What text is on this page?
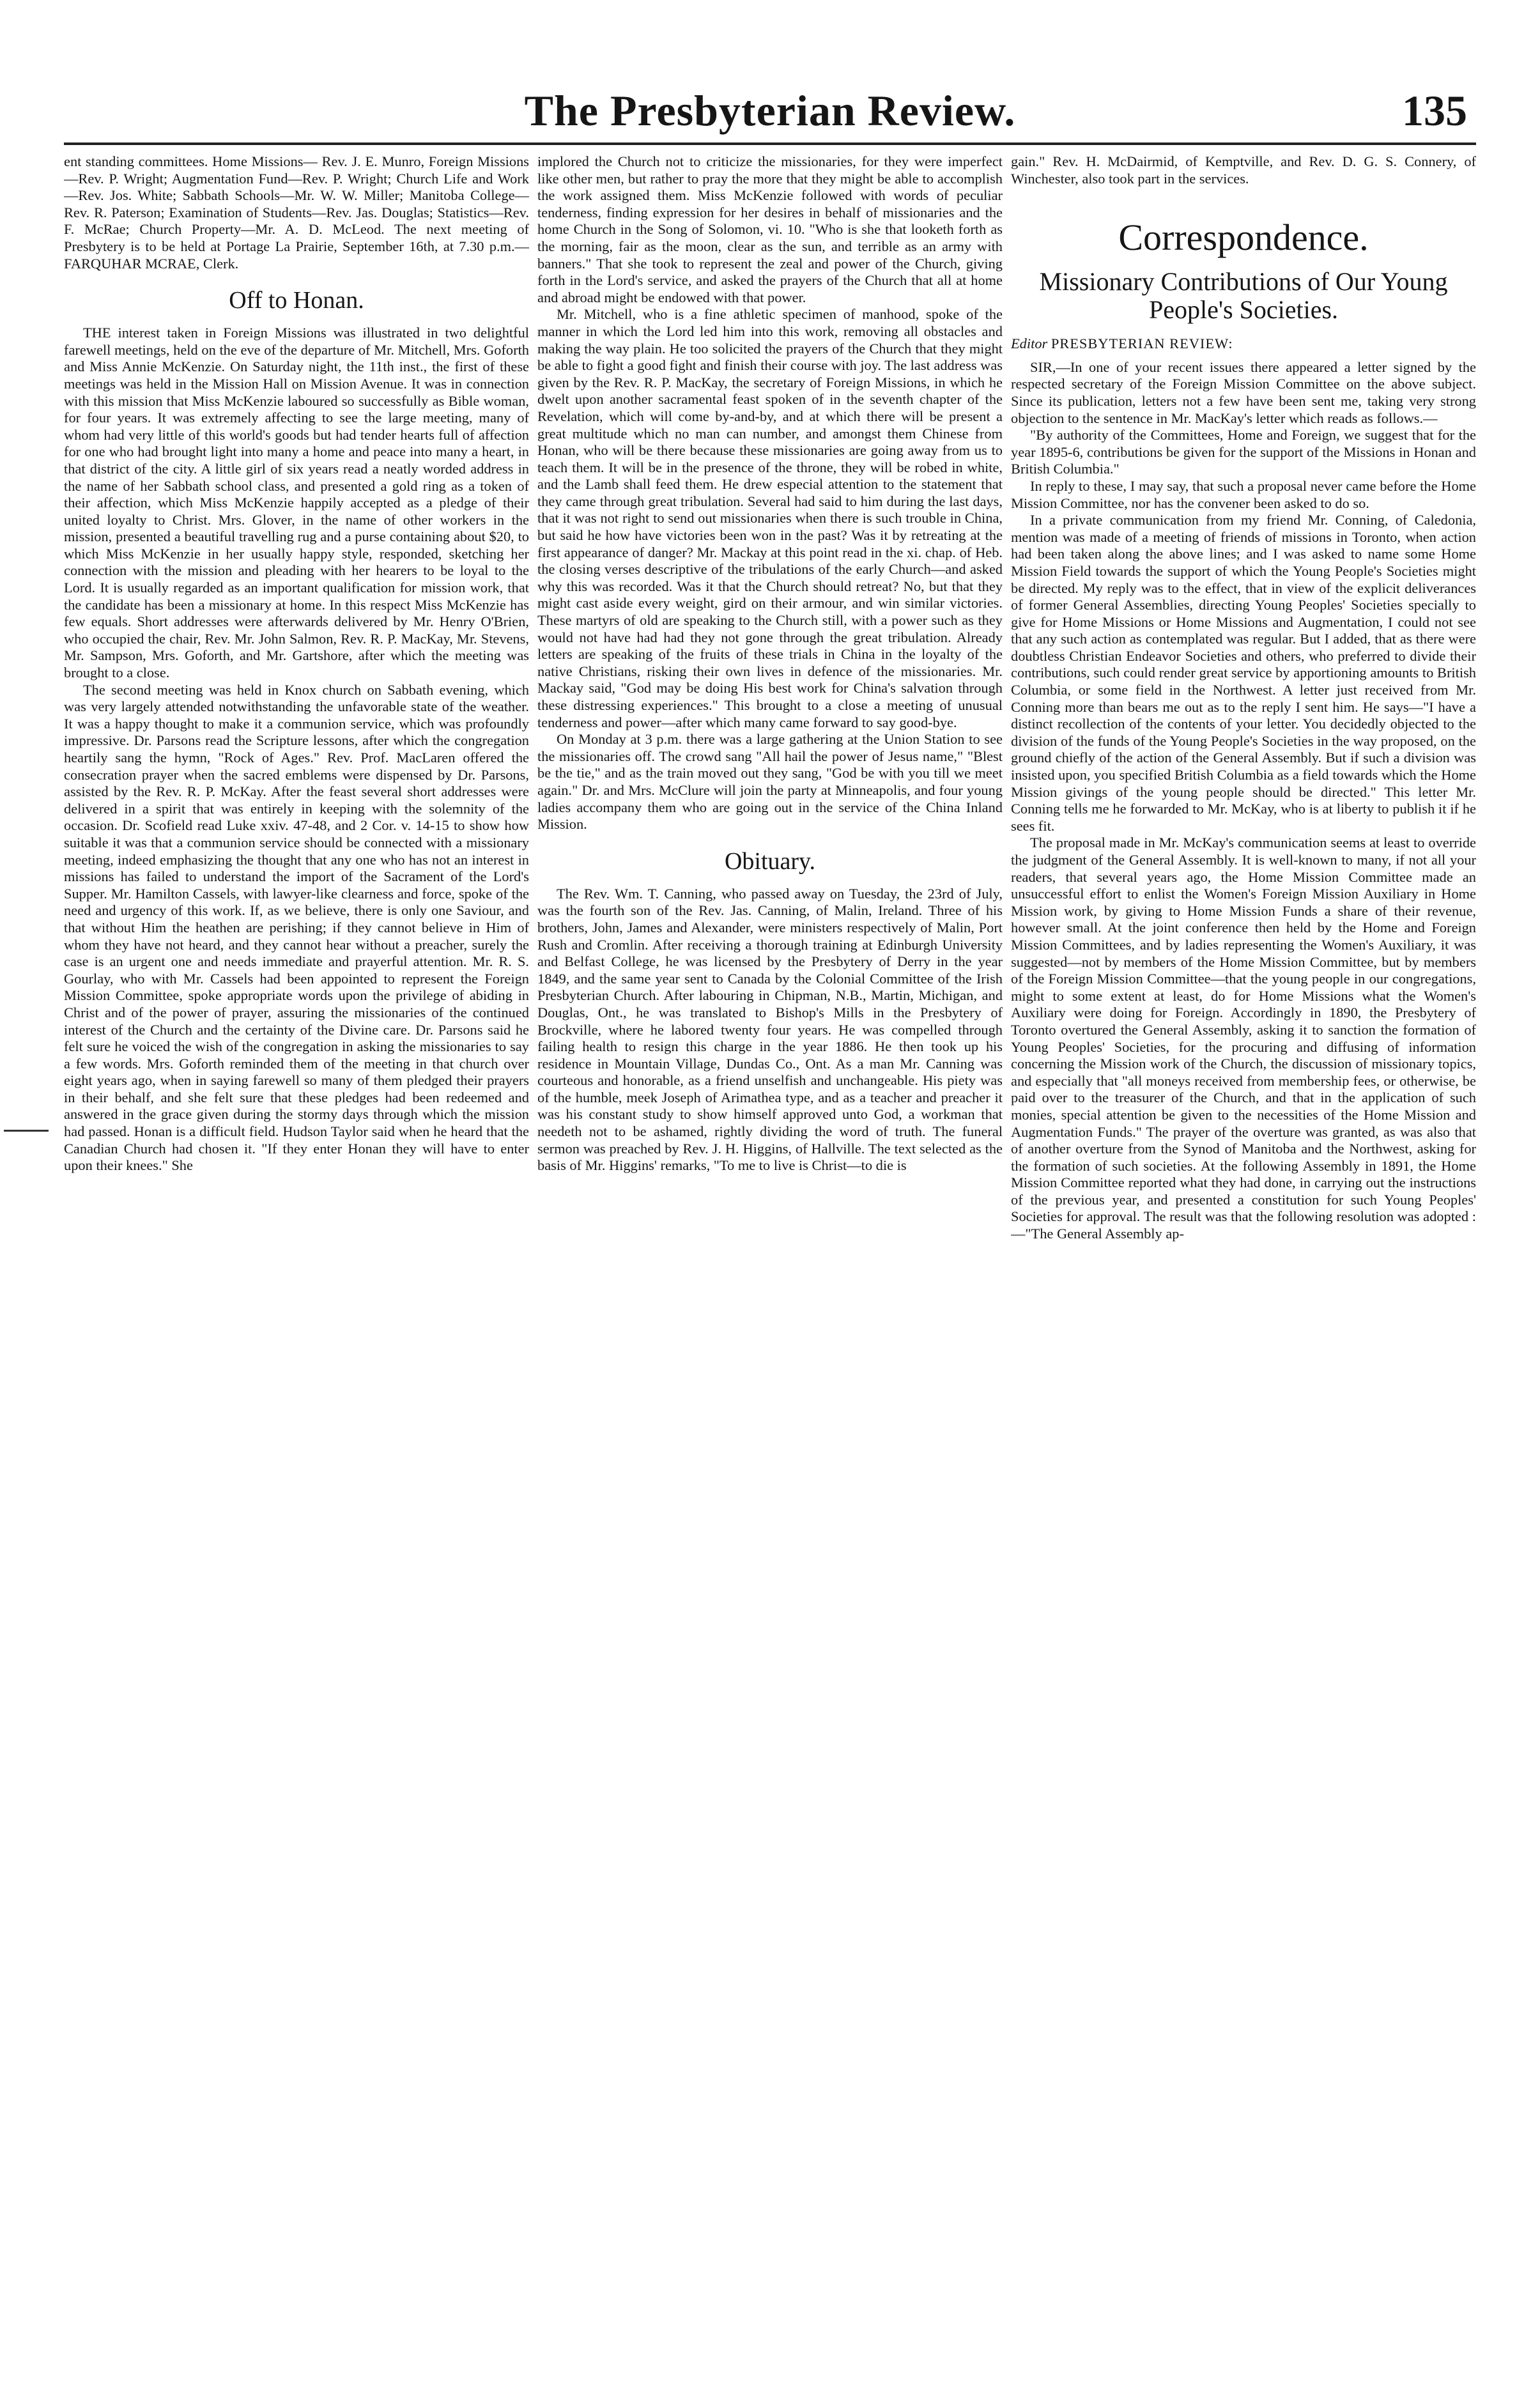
The Presbyterian Review.	135

ent standing committees. Home Missions— Rev. J. E. Munro, Foreign Missions—Rev. P. Wright; Augmentation Fund—Rev. P. Wright; Church Life and Work—Rev. Jos. White; Sabbath Schools—Mr. W. W. Miller; Manitoba College—Rev. R. Paterson; Examination of Students—Rev. Jas. Douglas; Statistics—Rev. F. McRae; Church Property—Mr. A. D. McLeod. The next meeting of Presbytery is to be held at Portage La Prairie, September 16th, at 7.30 p.m.— FARQUHAR MCRAE, Clerk.

Off to Honan.

THE interest taken in Foreign Missions was illustrated in two delightful farewell meetings, held on the eve of the departure of Mr. Mitchell, Mrs. Goforth and Miss Annie McKenzie. On Saturday night, the 11th inst., the first of these meetings was held in the Mission Hall on Mission Avenue. It was in connection with this mission that Miss McKenzie laboured so successfully as Bible woman, for four years. It was extremely affecting to see the large meeting, many of whom had very little of this world's goods but had tender hearts full of affection for one who had brought light into many a home and peace into many a heart, in that district of the city. A little girl of six years read a neatly worded address in the name of her Sabbath school class, and presented a gold ring as a token of their affection, which Miss McKenzie happily accepted as a pledge of their united loyalty to Christ. Mrs. Glover, in the name of other workers in the mission, presented a beautiful travelling rug and a purse containing about $20, to which Miss McKenzie in her usually happy style, responded, sketching her connection with the mission and pleading with her hearers to be loyal to the Lord. It is usually regarded as an important qualification for mission work, that the candidate has been a missionary at home. In this respect Miss McKenzie has few equals. Short addresses were afterwards delivered by Mr. Henry O'Brien, who occupied the chair, Rev. Mr. John Salmon, Rev. R. P. MacKay, Mr. Stevens, Mr. Sampson, Mrs. Goforth, and Mr. Gartshore, after which the meeting was brought to a close.

The second meeting was held in Knox church on Sabbath evening, which was very largely attended notwithstanding the unfavorable state of the weather. It was a happy thought to make it a communion service, which was profoundly impressive. Dr. Parsons read the Scripture lessons, after which the congregation heartily sang the hymn, "Rock of Ages." Rev. Prof. MacLaren offered the consecration prayer when the sacred emblems were dispensed by Dr. Parsons, assisted by the Rev. R. P. McKay. After the feast several short addresses were delivered in a spirit that was entirely in keeping with the solemnity of the occasion. Dr. Scofield read Luke xxiv. 47-48, and 2 Cor. v. 14-15 to show how suitable it was that a communion service should be connected with a missionary meeting, indeed emphasizing the thought that any one who has not an interest in missions has failed to understand the import of the Sacrament of the Lord's Supper. Mr. Hamilton Cassels, with lawyer-like clearness and force, spoke of the need and urgency of this work. If, as we believe, there is only one Saviour, and that without Him the heathen are perishing; if they cannot believe in Him of whom they have not heard, and they cannot hear without a preacher, surely the case is an urgent one and needs immediate and prayerful attention. Mr. R. S. Gourlay, who with Mr. Cassels had been appointed to represent the Foreign Mission Committee, spoke appropriate words upon the privilege of abiding in Christ and of the power of prayer, assuring the missionaries of the continued interest of the Church and the certainty of the Divine care. Dr. Parsons said he felt sure he voiced the wish of the congregation in asking the missionaries to say a few words. Mrs. Goforth reminded them of the meeting in that church over eight years ago, when in saying farewell so many of them pledged their prayers in their behalf, and she felt sure that these pledges had been redeemed and answered in the grace given during the stormy days through which the mission had passed. Honan is a difficult field. Hudson Taylor said when he heard that the Canadian Church had chosen it. "If they enter Honan they will have to enter upon their knees." She

implored the Church not to criticize the missionaries, for they were imperfect like other men, but rather to pray the more that they might be able to accomplish the work assigned them. Miss McKenzie followed with words of peculiar tenderness, finding expression for her desires in behalf of missionaries and the home Church in the Song of Solomon, vi. 10. "Who is she that looketh forth as the morning, fair as the moon, clear as the sun, and terrible as an army with banners." That she took to represent the zeal and power of the Church, giving forth in the Lord's service, and asked the prayers of the Church that all at home and abroad might be endowed with that power.

Mr. Mitchell, who is a fine athletic specimen of manhood, spoke of the manner in which the Lord led him into this work, removing all obstacles and making the way plain. He too solicited the prayers of the Church that they might be able to fight a good fight and finish their course with joy. The last address was given by the Rev. R. P. MacKay, the secretary of Foreign Missions, in which he dwelt upon another sacramental feast spoken of in the seventh chapter of the Revelation, which will come by-and-by, and at which there will be present a great multitude which no man can number, and amongst them Chinese from Honan, who will be there because these missionaries are going away from us to teach them. It will be in the presence of the throne, they will be robed in white, and the Lamb shall feed them. He drew especial attention to the statement that they came through great tribulation. Several had said to him during the last days, that it was not right to send out missionaries when there is such trouble in China, but said he how have victories been won in the past? Was it by retreating at the first appearance of danger? Mr. Mackay at this point read in the xi. chap. of Heb. the closing verses descriptive of the tribulations of the early Church—and asked why this was recorded. Was it that the Church should retreat? No, but that they might cast aside every weight, gird on their armour, and win similar victories. These martyrs of old are speaking to the Church still, with a power such as they would not have had had they not gone through the great tribulation. Already letters are speaking of the fruits of these trials in China in the loyalty of the native Christians, risking their own lives in defence of the missionaries. Mr. Mackay said, "God may be doing His best work for China's salvation through these distressing experiences." This brought to a close a meeting of unusual tenderness and power—after which many came forward to say good-bye.

On Monday at 3 p.m. there was a large gathering at the Union Station to see the missionaries off. The crowd sang "All hail the power of Jesus name," "Blest be the tie," and as the train moved out they sang, "God be with you till we meet again." Dr. and Mrs. McClure will join the party at Minneapolis, and four young ladies accompany them who are going out in the service of the China Inland Mission.

Obituary.

The Rev. Wm. T. Canning, who passed away on Tuesday, the 23rd of July, was the fourth son of the Rev. Jas. Canning, of Malin, Ireland. Three of his brothers, John, James and Alexander, were ministers respectively of Malin, Port Rush and Cromlin. After receiving a thorough training at Edinburgh University and Belfast College, he was licensed by the Presbytery of Derry in the year 1849, and the same year sent to Canada by the Colonial Committee of the Irish Presbyterian Church. After labouring in Chipman, N.B., Martin, Michigan, and Douglas, Ont., he was translated to Bishop's Mills in the Presbytery of Brockville, where he labored twenty four years. He was compelled through failing health to resign this charge in the year 1886. He then took up his residence in Mountain Village, Dundas Co., Ont. As a man Mr. Canning was courteous and honorable, as a friend unselfish and unchangeable. His piety was of the humble, meek Joseph of Arimathea type, and as a teacher and preacher it was his constant study to show himself approved unto God, a workman that needeth not to be ashamed, rightly dividing the word of truth. The funeral sermon was preached by Rev. J. H. Higgins, of Hallville. The text selected as the basis of Mr. Higgins' remarks, "To me to live is Christ—to die is

gain." Rev. H. McDairmid, of Kemptville, and Rev. D. G. S. Connery, of Winchester, also took part in the services.

Correspondence.
Missionary Contributions of Our Young People's Societies.

Editor PRESBYTERIAN REVIEW:

SIR,—In one of your recent issues there appeared a letter signed by the respected secretary of the Foreign Mission Committee on the above subject. Since its publication, letters not a few have been sent me, taking very strong objection to the sentence in Mr. MacKay's letter which reads as follows.—

"By authority of the Committees, Home and Foreign, we suggest that for the year 1895-6, contributions be given for the support of the Missions in Honan and British Columbia."

In reply to these, I may say, that such a proposal never came before the Home Mission Committee, nor has the convener been asked to do so.

In a private communication from my friend Mr. Conning, of Caledonia, mention was made of a meeting of friends of missions in Toronto, when action had been taken along the above lines; and I was asked to name some Home Mission Field towards the support of which the Young People's Societies might be directed. My reply was to the effect, that in view of the explicit deliverances of former General Assemblies, directing Young Peoples' Societies specially to give for Home Missions or Home Missions and Augmentation, I could not see that any such action as contemplated was regular. But I added, that as there were doubtless Christian Endeavor Societies and others, who preferred to divide their contributions, such could render great service by apportioning amounts to British Columbia, or some field in the Northwest. A letter just received from Mr. Conning more than bears me out as to the reply I sent him. He says—"I have a distinct recollection of the contents of your letter. You decidedly objected to the division of the funds of the Young People's Societies in the way proposed, on the ground chiefly of the action of the General Assembly. But if such a division was insisted upon, you specified British Columbia as a field towards which the Home Mission givings of the young people should be directed." This letter Mr. Conning tells me he forwarded to Mr. McKay, who is at liberty to publish it if he sees fit.

The proposal made in Mr. McKay's communication seems at least to override the judgment of the General Assembly. It is well-known to many, if not all your readers, that several years ago, the Home Mission Committee made an unsuccessful effort to enlist the Women's Foreign Mission Auxiliary in Home Mission work, by giving to Home Mission Funds a share of their revenue, however small. At the joint conference then held by the Home and Foreign Mission Committees, and by ladies representing the Women's Auxiliary, it was suggested—not by members of the Home Mission Committee, but by members of the Foreign Mission Committee—that the young people in our congregations, might to some extent at least, do for Home Missions what the Women's Auxiliary were doing for Foreign. Accordingly in 1890, the Presbytery of Toronto overtured the General Assembly, asking it to sanction the formation of Young Peoples' Societies, for the procuring and diffusing of information concerning the Mission work of the Church, the discussion of missionary topics, and especially that "all moneys received from membership fees, or otherwise, be paid over to the treasurer of the Church, and that in the application of such monies, special attention be given to the necessities of the Home Mission and Augmentation Funds." The prayer of the overture was granted, as was also that of another overture from the Synod of Manitoba and the Northwest, asking for the formation of such societies. At the following Assembly in 1891, the Home Mission Committee reported what they had done, in carrying out the instructions of the previous year, and presented a constitution for such Young Peoples' Societies for approval. The result was that the following resolution was adopted :—"The General Assembly ap-
